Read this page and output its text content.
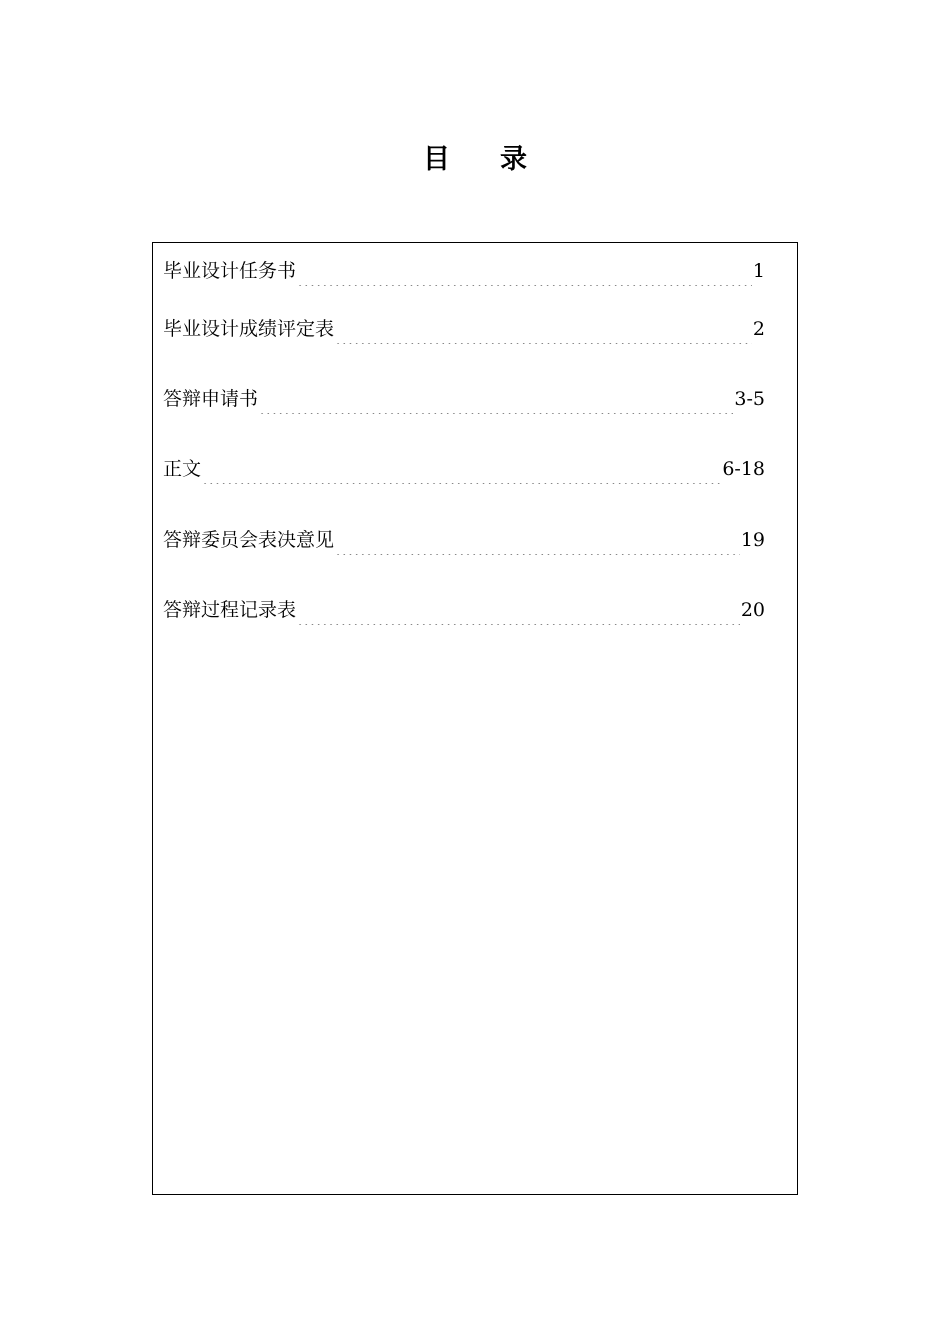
目 录
毕业设计任务书	1
毕业设计成绩评定表	2
答辩申请书	3-5
正文	6-18
答辩委员会表决意见	19
答辩过程记录表	20
